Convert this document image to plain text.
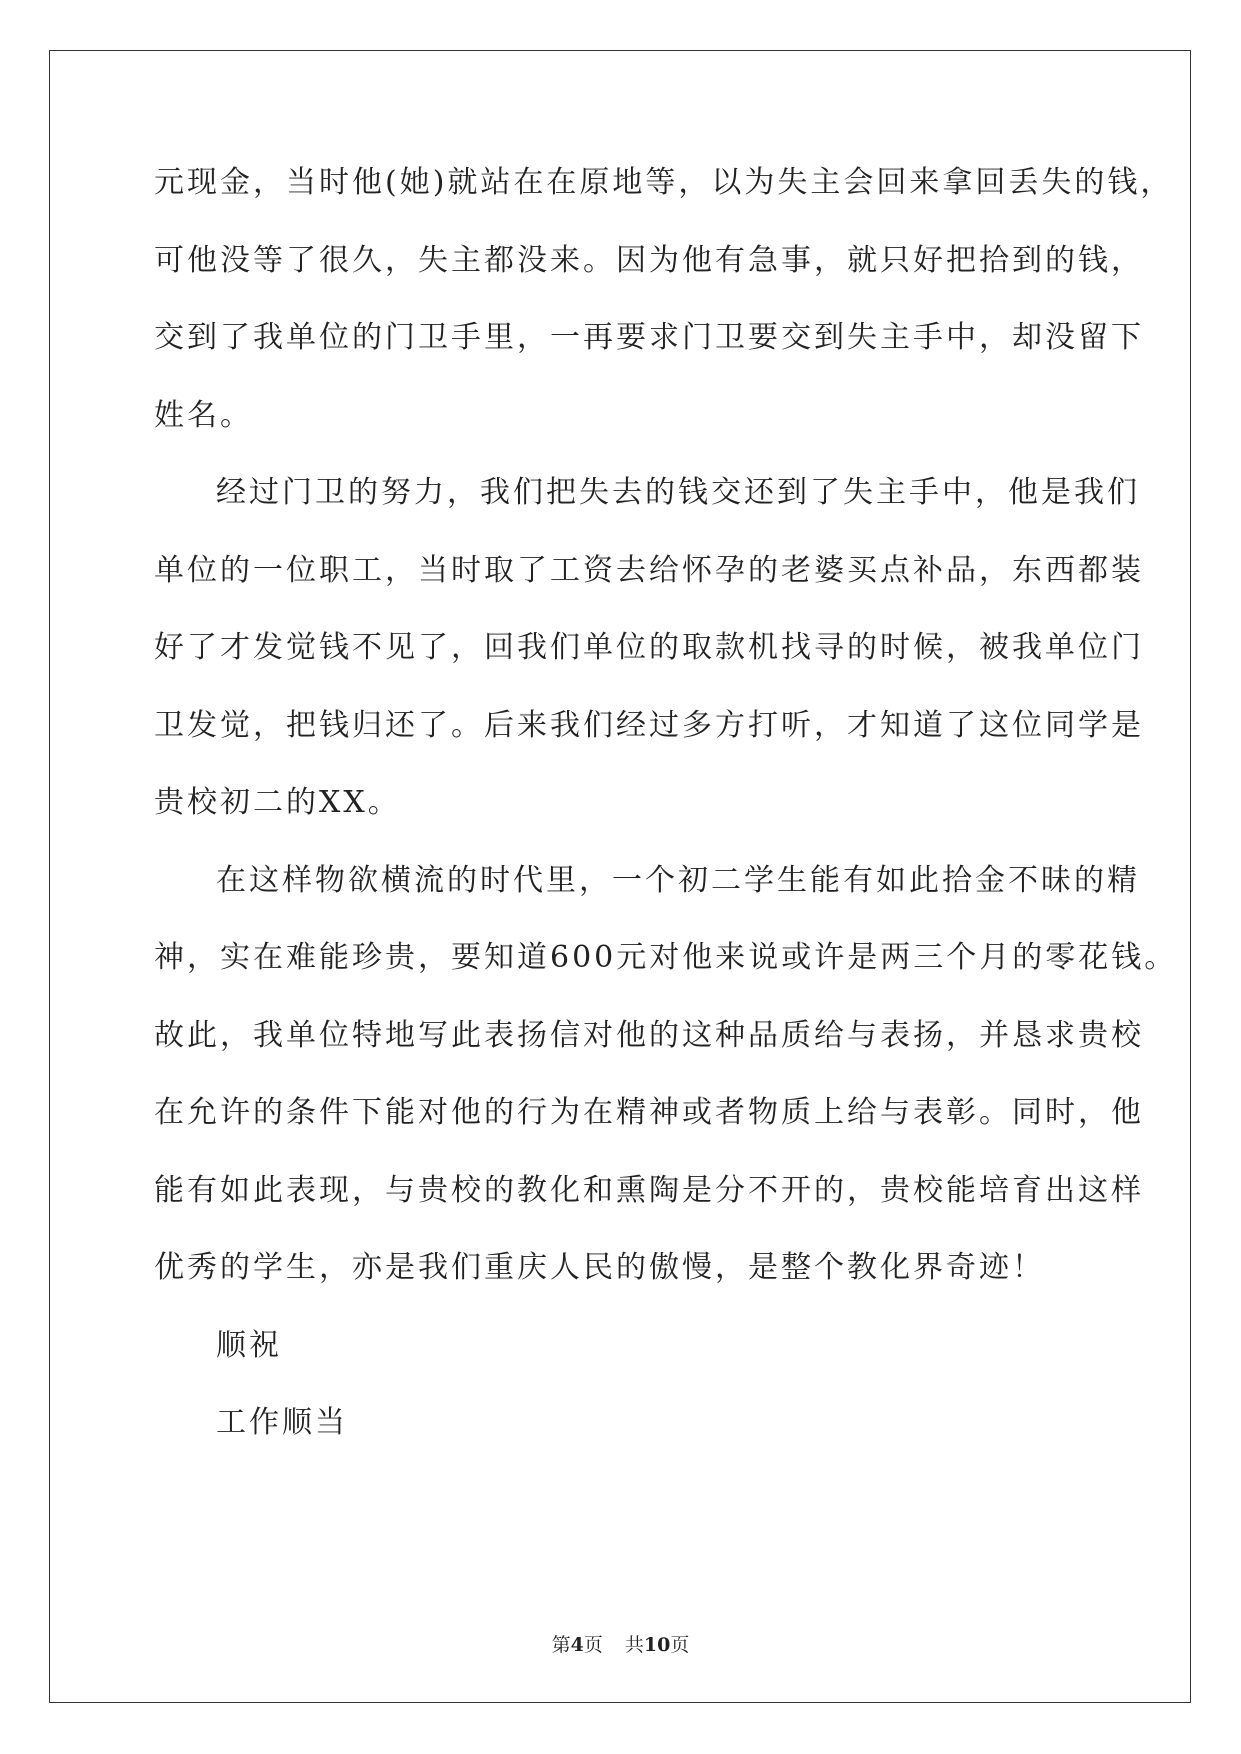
元现金，当时他(她)就站在在原地等，以为失主会回来拿回丢失的钱，
可他没等了很久，失主都没来。因为他有急事，就只好把拾到的钱，
交到了我单位的门卫手里，一再要求门卫要交到失主手中，却没留下
姓名。
经过门卫的努力，我们把失去的钱交还到了失主手中，他是我们
单位的一位职工，当时取了工资去给怀孕的老婆买点补品，东西都装
好了才发觉钱不见了，回我们单位的取款机找寻的时候，被我单位门
卫发觉，把钱归还了。后来我们经过多方打听，才知道了这位同学是
贵校初二的XX。
在这样物欲横流的时代里，一个初二学生能有如此拾金不昧的精
神，实在难能珍贵，要知道600元对他来说或许是两三个月的零花钱。
故此，我单位特地写此表扬信对他的这种品质给与表扬，并恳求贵校
在允许的条件下能对他的行为在精神或者物质上给与表彰。同时，他
能有如此表现，与贵校的教化和熏陶是分不开的，贵校能培育出这样
优秀的学生，亦是我们重庆人民的傲慢，是整个教化界奇迹！
顺祝
工作顺当
第4页 共10页
